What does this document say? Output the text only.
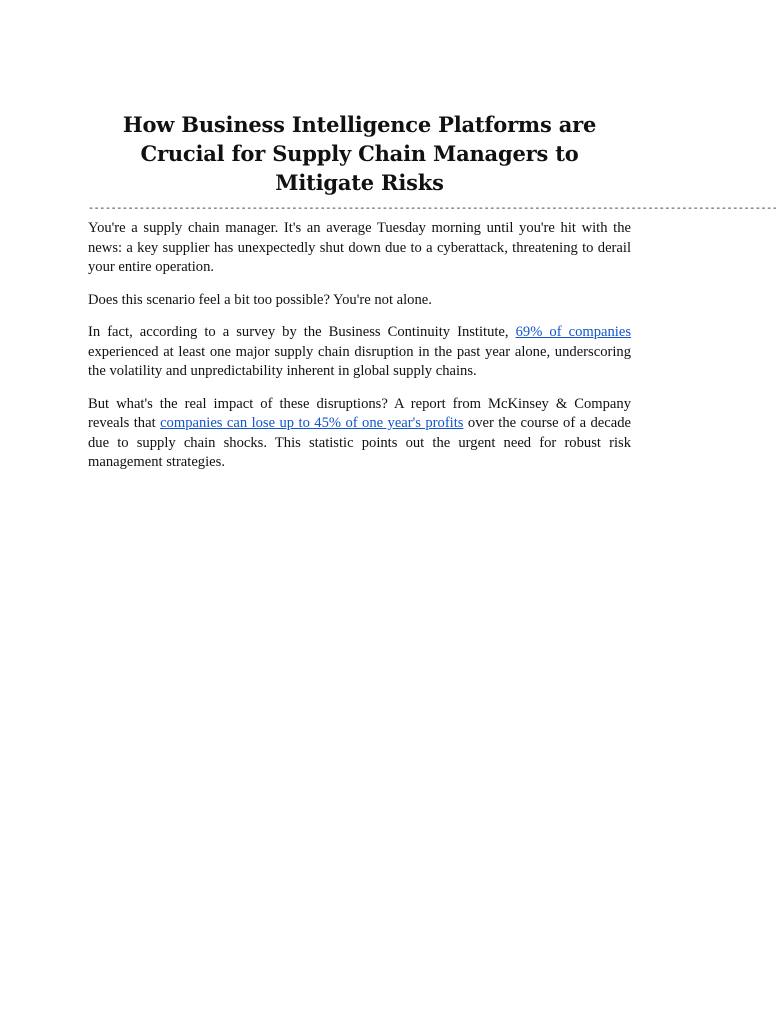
How Business Intelligence Platforms are Crucial for Supply Chain Managers to Mitigate Risks
--------------------------------------------------------------------------------------------------------------------------

You're a supply chain manager. It's an average Tuesday morning until you're hit with the news: a key supplier has unexpectedly shut down due to a cyberattack, threatening to derail your entire operation.

Does this scenario feel a bit too possible? You're not alone.

In fact, according to a survey by the Business Continuity Institute, 69% of companies experienced at least one major supply chain disruption in the past year alone, underscoring the volatility and unpredictability inherent in global supply chains.

But what's the real impact of these disruptions? A report from McKinsey & Company reveals that companies can lose up to 45% of one year's profits over the course of a decade due to supply chain shocks. This statistic points out the urgent need for robust risk management strategies.
